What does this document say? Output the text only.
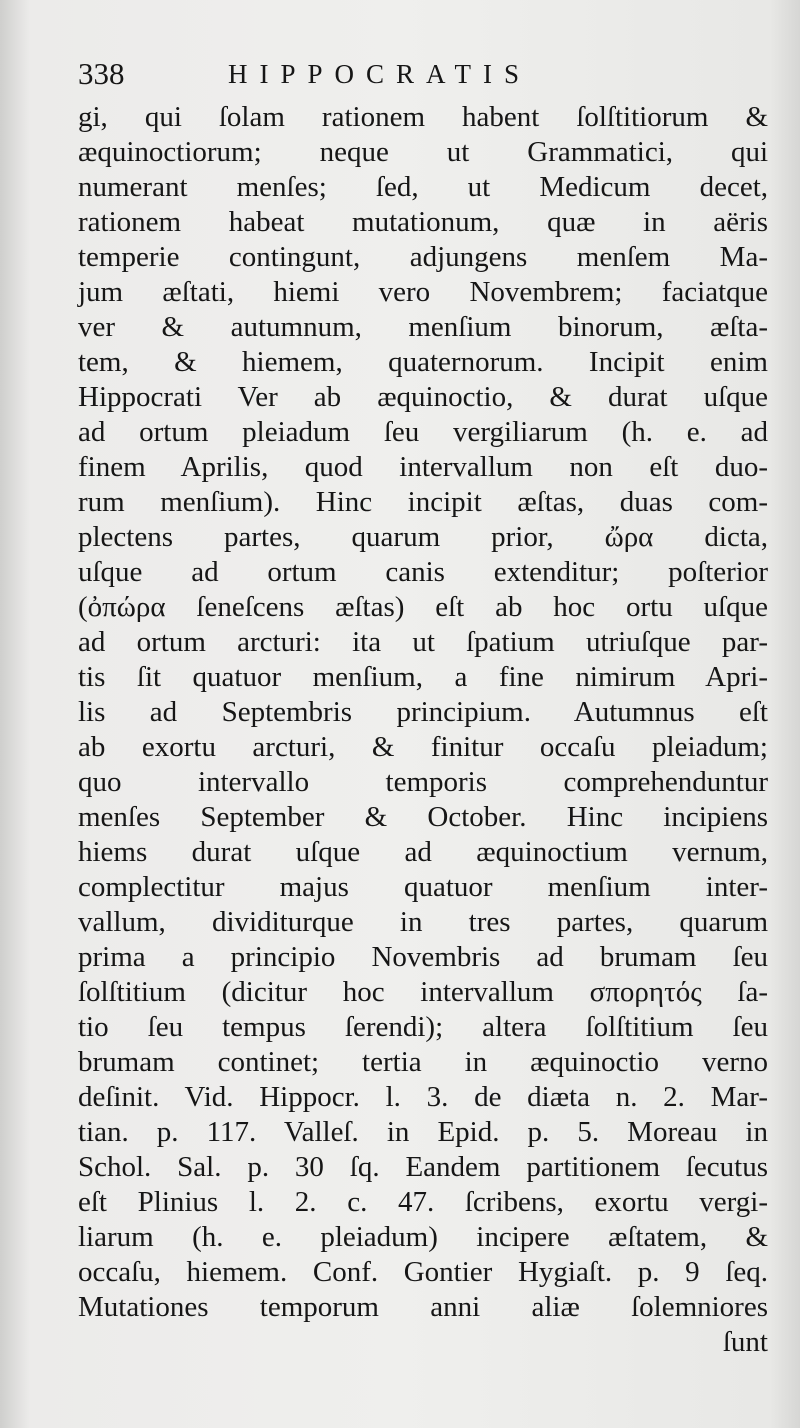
338	HIPPOCRATIS
gi, qui ſolam rationem habent ſolſtitiorum &
æquinoctiorum; neque ut Grammatici, qui
numerant menſes; ſed, ut Medicum decet,
rationem habeat mutationum, quæ in aëris
temperie contingunt, adjungens menſem Ma-
jum æſtati, hiemi vero Novembrem; faciatque
ver & autumnum, menſium binorum, æſta-
tem, & hiemem, quaternorum. Incipit enim
Hippocrati Ver ab æquinoctio, & durat uſque
ad ortum pleiadum ſeu vergiliarum (h. e. ad
finem Aprilis, quod intervallum non eſt duo-
rum menſium). Hinc incipit æſtas, duas com-
plectens partes, quarum prior, ὤρα dicta,
uſque ad ortum canis extenditur; poſterior
(ὀπώρα ſeneſcens æſtas) eſt ab hoc ortu uſque
ad ortum arcturi: ita ut ſpatium utriuſque par-
tis ſit quatuor menſium, a fine nimirum Apri-
lis ad Septembris principium. Autumnus eſt
ab exortu arcturi, & finitur occaſu pleiadum;
quo intervallo temporis comprehenduntur
menſes September & October. Hinc incipiens
hiems durat uſque ad æquinoctium vernum,
complectitur majus quatuor menſium inter-
vallum, dividiturque in tres partes, quarum
prima a principio Novembris ad brumam ſeu
ſolſtitium (dicitur hoc intervallum σπορητός ſa-
tio ſeu tempus ſerendi); altera ſolſtitium ſeu
brumam continet; tertia in æquinoctio verno
deſinit. Vid. Hippocr. l. 3. de diæta n. 2. Mar-
tian. p. 117. Valleſ. in Epid. p. 5. Moreau in
Schol. Sal. p. 30 ſq. Eandem partitionem ſecutus
eſt Plinius l. 2. c. 47. ſcribens, exortu vergi-
liarum (h. e. pleiadum) incipere æſtatem, &
occaſu, hiemem. Conf. Gontier Hygiaſt. p. 9 ſeq.
Mutationes temporum anni aliæ ſolemniores
ſunt
